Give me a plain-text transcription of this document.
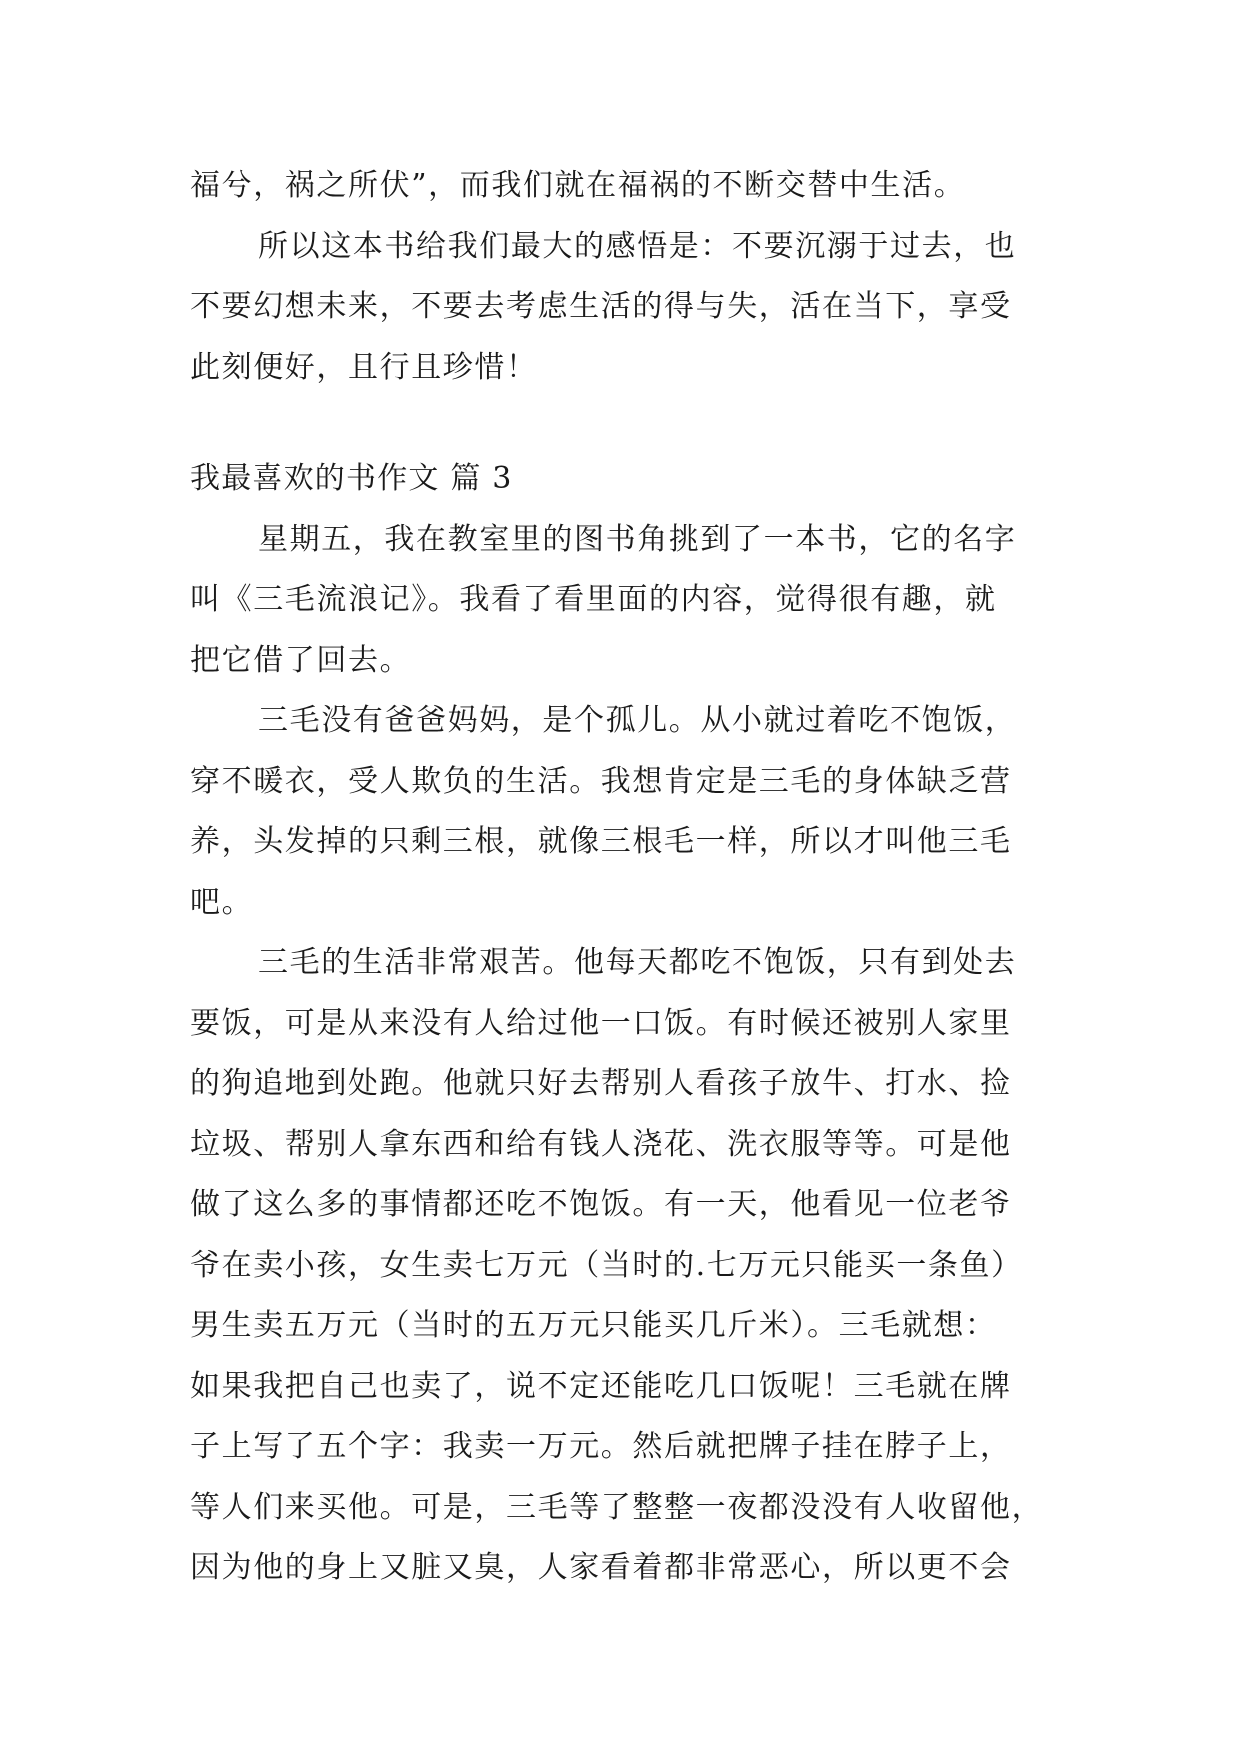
福兮，祸之所伏”，而我们就在福祸的不断交替中生活。
所以这本书给我们最大的感悟是：不要沉溺于过去，也
不要幻想未来，不要去考虑生活的得与失，活在当下，享受
此刻便好，且行且珍惜！
我最喜欢的书作文 篇 3
星期五，我在教室里的图书角挑到了一本书，它的名字
叫《三毛流浪记》。我看了看里面的内容，觉得很有趣，就
把它借了回去。
三毛没有爸爸妈妈，是个孤儿。从小就过着吃不饱饭，
穿不暖衣，受人欺负的生活。我想肯定是三毛的身体缺乏营
养，头发掉的只剩三根，就像三根毛一样，所以才叫他三毛
吧。
三毛的生活非常艰苦。他每天都吃不饱饭，只有到处去
要饭，可是从来没有人给过他一口饭。有时候还被别人家里
的狗追地到处跑。他就只好去帮别人看孩子放牛、打水、捡
垃圾、帮别人拿东西和给有钱人浇花、洗衣服等等。可是他
做了这么多的事情都还吃不饱饭。有一天，他看见一位老爷
爷在卖小孩，女生卖七万元（当时的.七万元只能买一条鱼）
男生卖五万元（当时的五万元只能买几斤米）。三毛就想：
如果我把自己也卖了，说不定还能吃几口饭呢！三毛就在牌
子上写了五个字：我卖一万元。然后就把牌子挂在脖子上，
等人们来买他。可是，三毛等了整整一夜都没没有人收留他，
因为他的身上又脏又臭，人家看着都非常恶心，所以更不会
